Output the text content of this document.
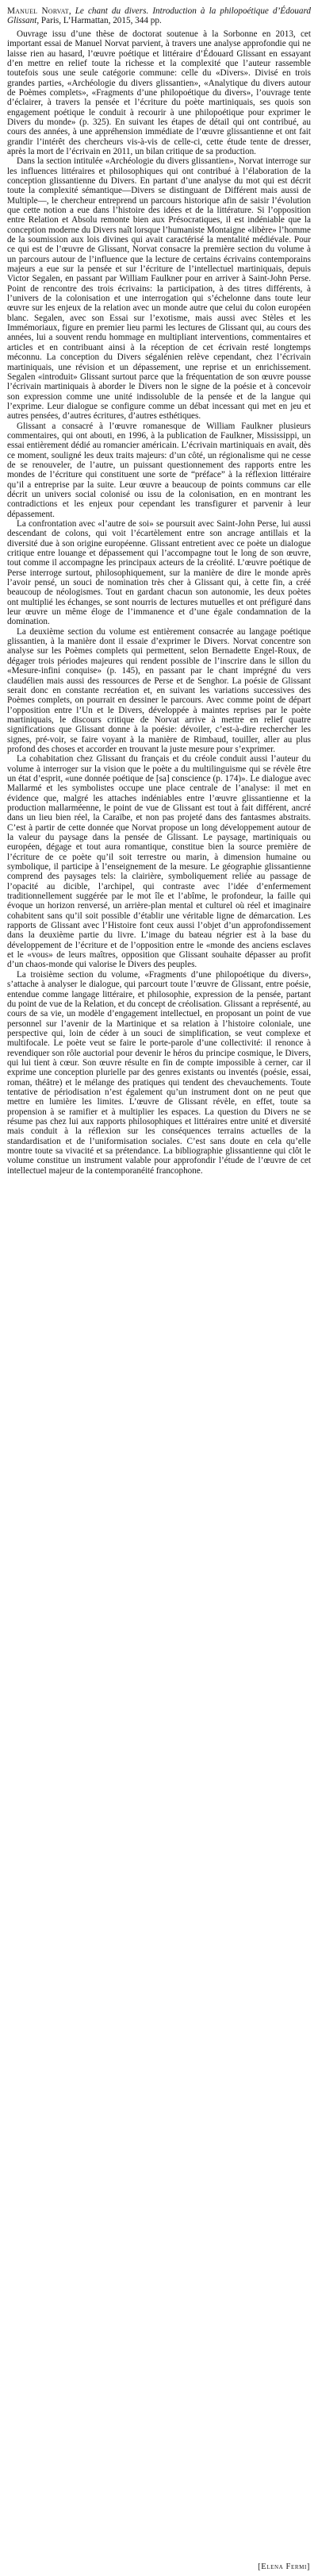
Manuel Norvat, Le chant du divers. Introduction à la philopoétique d’Édouard Glissant, Paris, L’Harmattan, 2015, 344 pp.

Ouvrage issu d’une thèse de doctorat soutenue à la Sorbonne en 2013, cet important essai de Manuel Norvat parvient, à travers une analyse approfondie qui ne laisse rien au hasard, l’œuvre poétique et littéraire d’Édouard Glissant en essayant d’en mettre en relief toute la richesse et la complexité que l’auteur rassemble toutefois sous une seule catégorie commune: celle du «Divers». Divisé en trois grandes parties, «Archéologie du divers glissantien», «Analytique du divers autour de Poèmes complets», «Fragments d’une philopoétique du divers», l’ouvrage tente d’éclairer, à travers la pensée et l’écriture du poète martiniquais, ses quois son engagement poétique le conduit à recourir à une philopoétique pour exprimer le Divers du monde» (p. 325). En suivant les étapes de détail qui ont contribué, au cours des années, à une appréhension immédiate de l’œuvre glissantienne et ont fait grandir l’intérêt des chercheurs vis-à-vis de celle-ci, cette étude tente de dresser, après la mort de l’écrivain en 2011, un bilan critique de sa production.

Dans la section intitulée «Archéologie du divers glissantien», Norvat interroge sur les influences littéraires et philosophiques qui ont contribué à l’élaboration de la conception glissantienne du Divers. En partant d’une analyse du mot qui est décrit toute la complexité sémantique—Divers se distinguant de Différent mais aussi de Multiple—, le chercheur entreprend un parcours historique afin de saisir l’évolution que cette notion a eue dans l’histoire des idées et de la littérature. Si l’opposition entre Relation et Absolu remonte bien aux Présocratiques, il est indéniable que la conception moderne du Divers naît lorsque l’humaniste Montaigne «libère» l’homme de la soumission aux lois divines qui avait caractérisé la mentalité médiévale. Pour ce qui est de l’œuvre de Glissant, Norvat consacre la première section du volume à un parcours autour de l’influence que la lecture de certains écrivains contemporains majeurs a eue sur la pensée et sur l’écriture de l’intellectuel martiniquais, depuis Victor Segalen, en passant par William Faulkner pour en arriver à Saint-John Perse. Point de rencontre des trois écrivains: la participation, à des titres différents, à l’univers de la colonisation et une interrogation qui s’échelonne dans toute leur œuvre sur les enjeux de la relation avec un monde autre que celui du colon européen blanc. Segalen, avec son Essai sur l’exotisme, mais aussi avec Stèles et les Immémoriaux, figure en premier lieu parmi les lectures de Glissant qui, au cours des années, lui a souvent rendu hommage en multipliant interventions, commentaires et articles et en contribuant ainsi à la réception de cet écrivain resté longtemps méconnu. La conception du Divers ségalénien relève cependant, chez l’écrivain martiniquais, une révision et un dépassement, une reprise et un enrichissement. Segalen «introduit» Glissant surtout parce que la fréquentation de son œuvre pousse l’écrivain martiniquais à aborder le Divers non le signe de la poésie et à concevoir son expression comme une unité indissoluble de la pensée et de la langue qui l’exprime. Leur dialogue se configure comme un débat incessant qui met en jeu et autres pensées, d’autres écritures, d’autres esthétiques.

Glissant a consacré à l’œuvre romanesque de William Faulkner plusieurs commentaires, qui ont abouti, en 1996, à la publication de Faulkner, Mississippi, un essai entièrement dédié au romancier américain. L’écrivain martiniquais en avait, dès ce moment, souligné les deux traits majeurs: d’un côté, un régionalisme qui ne cesse de se renouveler, de l’autre, un puissant questionnement des rapports entre les mondes de l’écriture qui constituent une sorte de “préface” à la réflexion littéraire qu’il a entreprise par la suite. Leur œuvre a beaucoup de points communs car elle décrit un univers social colonisé ou issu de la colonisation, en en montrant les contradictions et les enjeux pour cependant les transfigurer et parvenir à leur dépassement.

La confrontation avec «l’autre de soi» se poursuit avec Saint-John Perse, lui aussi descendant de colons, qui voit l’écartèlement entre son ancrage antillais et la diversité due à son origine européenne. Glissant entretient avec ce poète un dialogue critique entre louange et dépassement qui l’accompagne tout le long de son œuvre, tout comme il accompagne les principaux acteurs de la créolité. L’œuvre poétique de Perse interroge surtout, philosophiquement, sur la manière de dire le monde après l’avoir pensé, un souci de nomination très cher à Glissant qui, à cette fin, a créé beaucoup de néologismes. Tout en gardant chacun son autonomie, les deux poètes ont multiplié les échanges, se sont nourris de lectures mutuelles et ont préfiguré dans leur œuvre un même éloge de l’immanence et d’une égale condamnation de la domination.

La deuxième section du volume est entièrement consacrée au langage poétique glissantien, à la manière dont il essaie d’exprimer le Divers. Norvat concentre son analyse sur les Poèmes complets qui permettent, selon Bernadette Engel-Roux, de dégager trois périodes majeures qui rendent possible de l’inscrire dans le sillon du «Mesure-infini conquise» (p. 145), en passant par le chant imprégné du vers claudélien mais aussi des ressources de Perse et de Senghor. La poésie de Glissant serait donc en constante recréation et, en suivant les variations successives des Poèmes complets, on pourrait en dessiner le parcours. Avec comme point de départ l’opposition entre l’Un et le Divers, développée à maintes reprises par le poète martiniquais, le discours critique de Norvat arrive à mettre en relief quatre significations que Glissant donne à la poésie: dévoiler, c’est-à-dire rechercher les signes, pré-voir, se faire voyant à la manière de Rimbaud, touiller, aller au plus profond des choses et accorder en trouvant la juste mesure pour s’exprimer.

La cohabitation chez Glissant du français et du créole conduit aussi l’auteur du volume à interroger sur la vision que le poète a du multilinguisme qui se révèle être un état d’esprit, «une donnée poétique de [sa] conscience (p. 174)». Le dialogue avec Mallarmé et les symbolistes occupe une place centrale de l’analyse: il met en évidence que, malgré les attaches indéniables entre l’œuvre glissantienne et la production mallarméenne, le point de vue de Glissant est tout à fait différent, ancré dans un lieu bien réel, la Caraïbe, et non pas projeté dans des fantasmes abstraits. C’est à partir de cette donnée que Norvat propose un long développement autour de la valeur du paysage dans la pensée de Glissant. Le paysage, martiniquais ou européen, dégage et tout aura romantique, constitue bien la source première de l’écriture de ce poète qu’il soit terrestre ou marin, à dimension humaine ou symbolique, il participe à l’enseignement de la mesure. Le géographie glissantienne comprend des paysages tels: la clairière, symboliquement reliée au passage de l’opacité au dicible, l’archipel, qui contraste avec l’idée d’enfermement traditionnellement suggérée par le mot île et l’abîme, le profondeur, la faille qui évoque un horizon renversé, un arrière-plan mental et culturel où réel et imaginaire cohabitent sans qu’il soit possible d’établir une véritable ligne de démarcation. Les rapports de Glissant avec l’Histoire font ceux aussi l’objet d’un approfondissement dans la deuxième partie du livre. L’image du bateau négrier est à la base du développement de l’écriture et de l’opposition entre le «monde des anciens esclaves et le «vous» de leurs maîtres, opposition que Glissant souhaite dépasser au profit d’un chaos-monde qui valorise le Divers des peuples.

La troisième section du volume, «Fragments d’une philopoétique du divers», s’attache à analyser le dialogue, qui parcourt toute l’œuvre de Glissant, entre poésie, entendue comme langage littéraire, et philosophie, expression de la pensée, partant du point de vue de la Relation, et du concept de créolisation. Glissant a représenté, au cours de sa vie, un modèle d’engagement intellectuel, en proposant un point de vue personnel sur l’avenir de la Martinique et sa relation à l’histoire coloniale, une perspective qui, loin de céder à un souci de simplification, se veut complexe et multifocale. Le poète veut se faire le porte-parole d’une collectivité: il renonce à revendiquer son rôle auctorial pour devenir le héros du principe cosmique, le Divers, qui lui tient à cœur. Son œuvre résulte en fin de compte impossible à cerner, car il exprime une conception plurielle par des genres existants ou inventés (poésie, essai, roman, théâtre) et le mélange des pratiques qui tendent des chevauchements. Toute tentative de périodisation n’est également qu’un instrument dont on ne peut que mettre en lumière les limites. L’œuvre de Glissant révèle, en effet, toute sa propension à se ramifier et à multiplier les espaces. La question du Divers ne se résume pas chez lui aux rapports philosophiques et littéraires entre unité et diversité mais conduit à la réflexion sur les conséquences terrains actuelles de la standardisation et de l’uniformisation sociales. C’est sans doute en cela qu’elle montre toute sa vivacité et sa prétendance. La bibliographie glissantienne qui clôt le volume constitue un instrument valable pour approfondir l’étude de l’œuvre de cet intellectuel majeur de la contemporanéité francophone.

[Elena Fermi]
